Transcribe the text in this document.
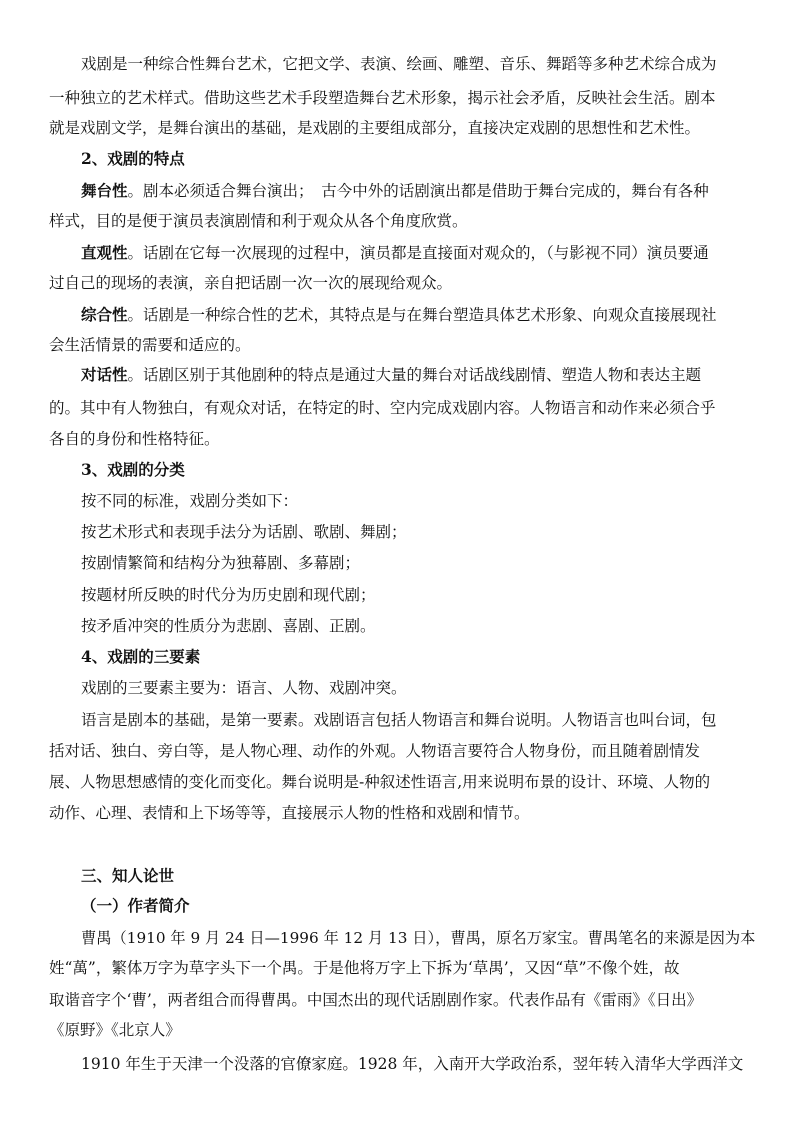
戏剧是一种综合性舞台艺术，它把文学、表演、绘画、雕塑、音乐、舞蹈等多种艺术综合成为
一种独立的艺术样式。借助这些艺术手段塑造舞台艺术形象，揭示社会矛盾，反映社会生活。剧本
就是戏剧文学，是舞台演出的基础，是戏剧的主要组成部分，直接决定戏剧的思想性和艺术性。
2、戏剧的特点
舞台性。剧本必须适合舞台演出；　古今中外的话剧演出都是借助于舞台完成的，舞台有各种
样式，目的是便于演员表演剧情和利于观众从各个角度欣赏。
直观性。话剧在它每一次展现的过程中，演员都是直接面对观众的，（与影视不同）演员要通
过自己的现场的表演，亲自把话剧一次一次的展现给观众。
综合性。话剧是一种综合性的艺术，其特点是与在舞台塑造具体艺术形象、向观众直接展现社
会生活情景的需要和适应的。
对话性。话剧区别于其他剧种的特点是通过大量的舞台对话战线剧情、塑造人物和表达主题
的。其中有人物独白，有观众对话，在特定的时、空内完成戏剧内容。人物语言和动作来必须合乎
各自的身份和性格特征。
3、戏剧的分类
按不同的标准，戏剧分类如下：
按艺术形式和表现手法分为话剧、歌剧、舞剧；
按剧情繁简和结构分为独幕剧、多幕剧；
按题材所反映的时代分为历史剧和现代剧；
按矛盾冲突的性质分为悲剧、喜剧、正剧。
4、戏剧的三要素
戏剧的三要素主要为：语言、人物、戏剧冲突。
语言是剧本的基础，是第一要素。戏剧语言包括人物语言和舞台说明。人物语言也叫台词，包
括对话、独白、旁白等，是人物心理、动作的外观。人物语言要符合人物身份，而且随着剧情发
展、人物思想感情的变化而变化。舞台说明是-种叙述性语言,用来说明布景的设计、环境、人物的
动作、心理、表情和上下场等等，直接展示人物的性格和戏剧和情节。
三、知人论世
（一）作者简介
曹禺（1910 年 9 月 24 日—1996 年 12 月 13 日），曹禺，原名万家宝。曹禺笔名的来源是因为本
姓“萬”，繁体万字为草字头下一个禺。于是他将万字上下拆为‘草禺’，又因“草”不像个姓，故
取谐音字个‘曹’，两者组合而得曹禺。中国杰出的现代话剧剧作家。代表作品有《雷雨》《日出》
《原野》《北京人》
1910 年生于天津一个没落的官僚家庭。1928 年，入南开大学政治系，翌年转入清华大学西洋文
